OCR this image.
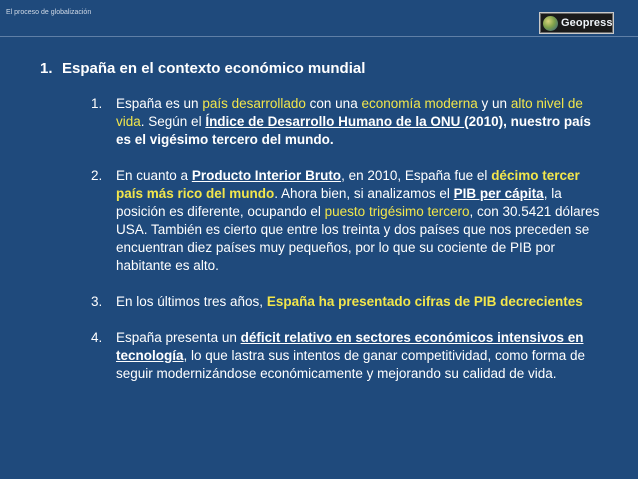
El proceso de globalización
Geopress
1. España en el contexto económico mundial
1. España es un país desarrollado con una economía moderna y un alto nivel de vida. Según el Índice de Desarrollo Humano de la ONU (2010), nuestro país es el vigésimo tercero del mundo.
2. En cuanto a Producto Interior Bruto, en 2010, España fue el décimo tercer país más rico del mundo. Ahora bien, si analizamos el PIB per cápita, la posición es diferente, ocupando el puesto trigésimo tercero, con 30.5421 dólares USA. También es cierto que entre los treinta y dos países que nos preceden se encuentran diez países muy pequeños, por lo que su cociente de PIB por habitante es alto.
3. En los últimos tres años, España ha presentado cifras de PIB decrecientes
4. España presenta un déficit relativo en sectores económicos intensivos en tecnología, lo que lastra sus intentos de ganar competitividad, como forma de seguir modernizándose económicamente y mejorando su calidad de vida.
